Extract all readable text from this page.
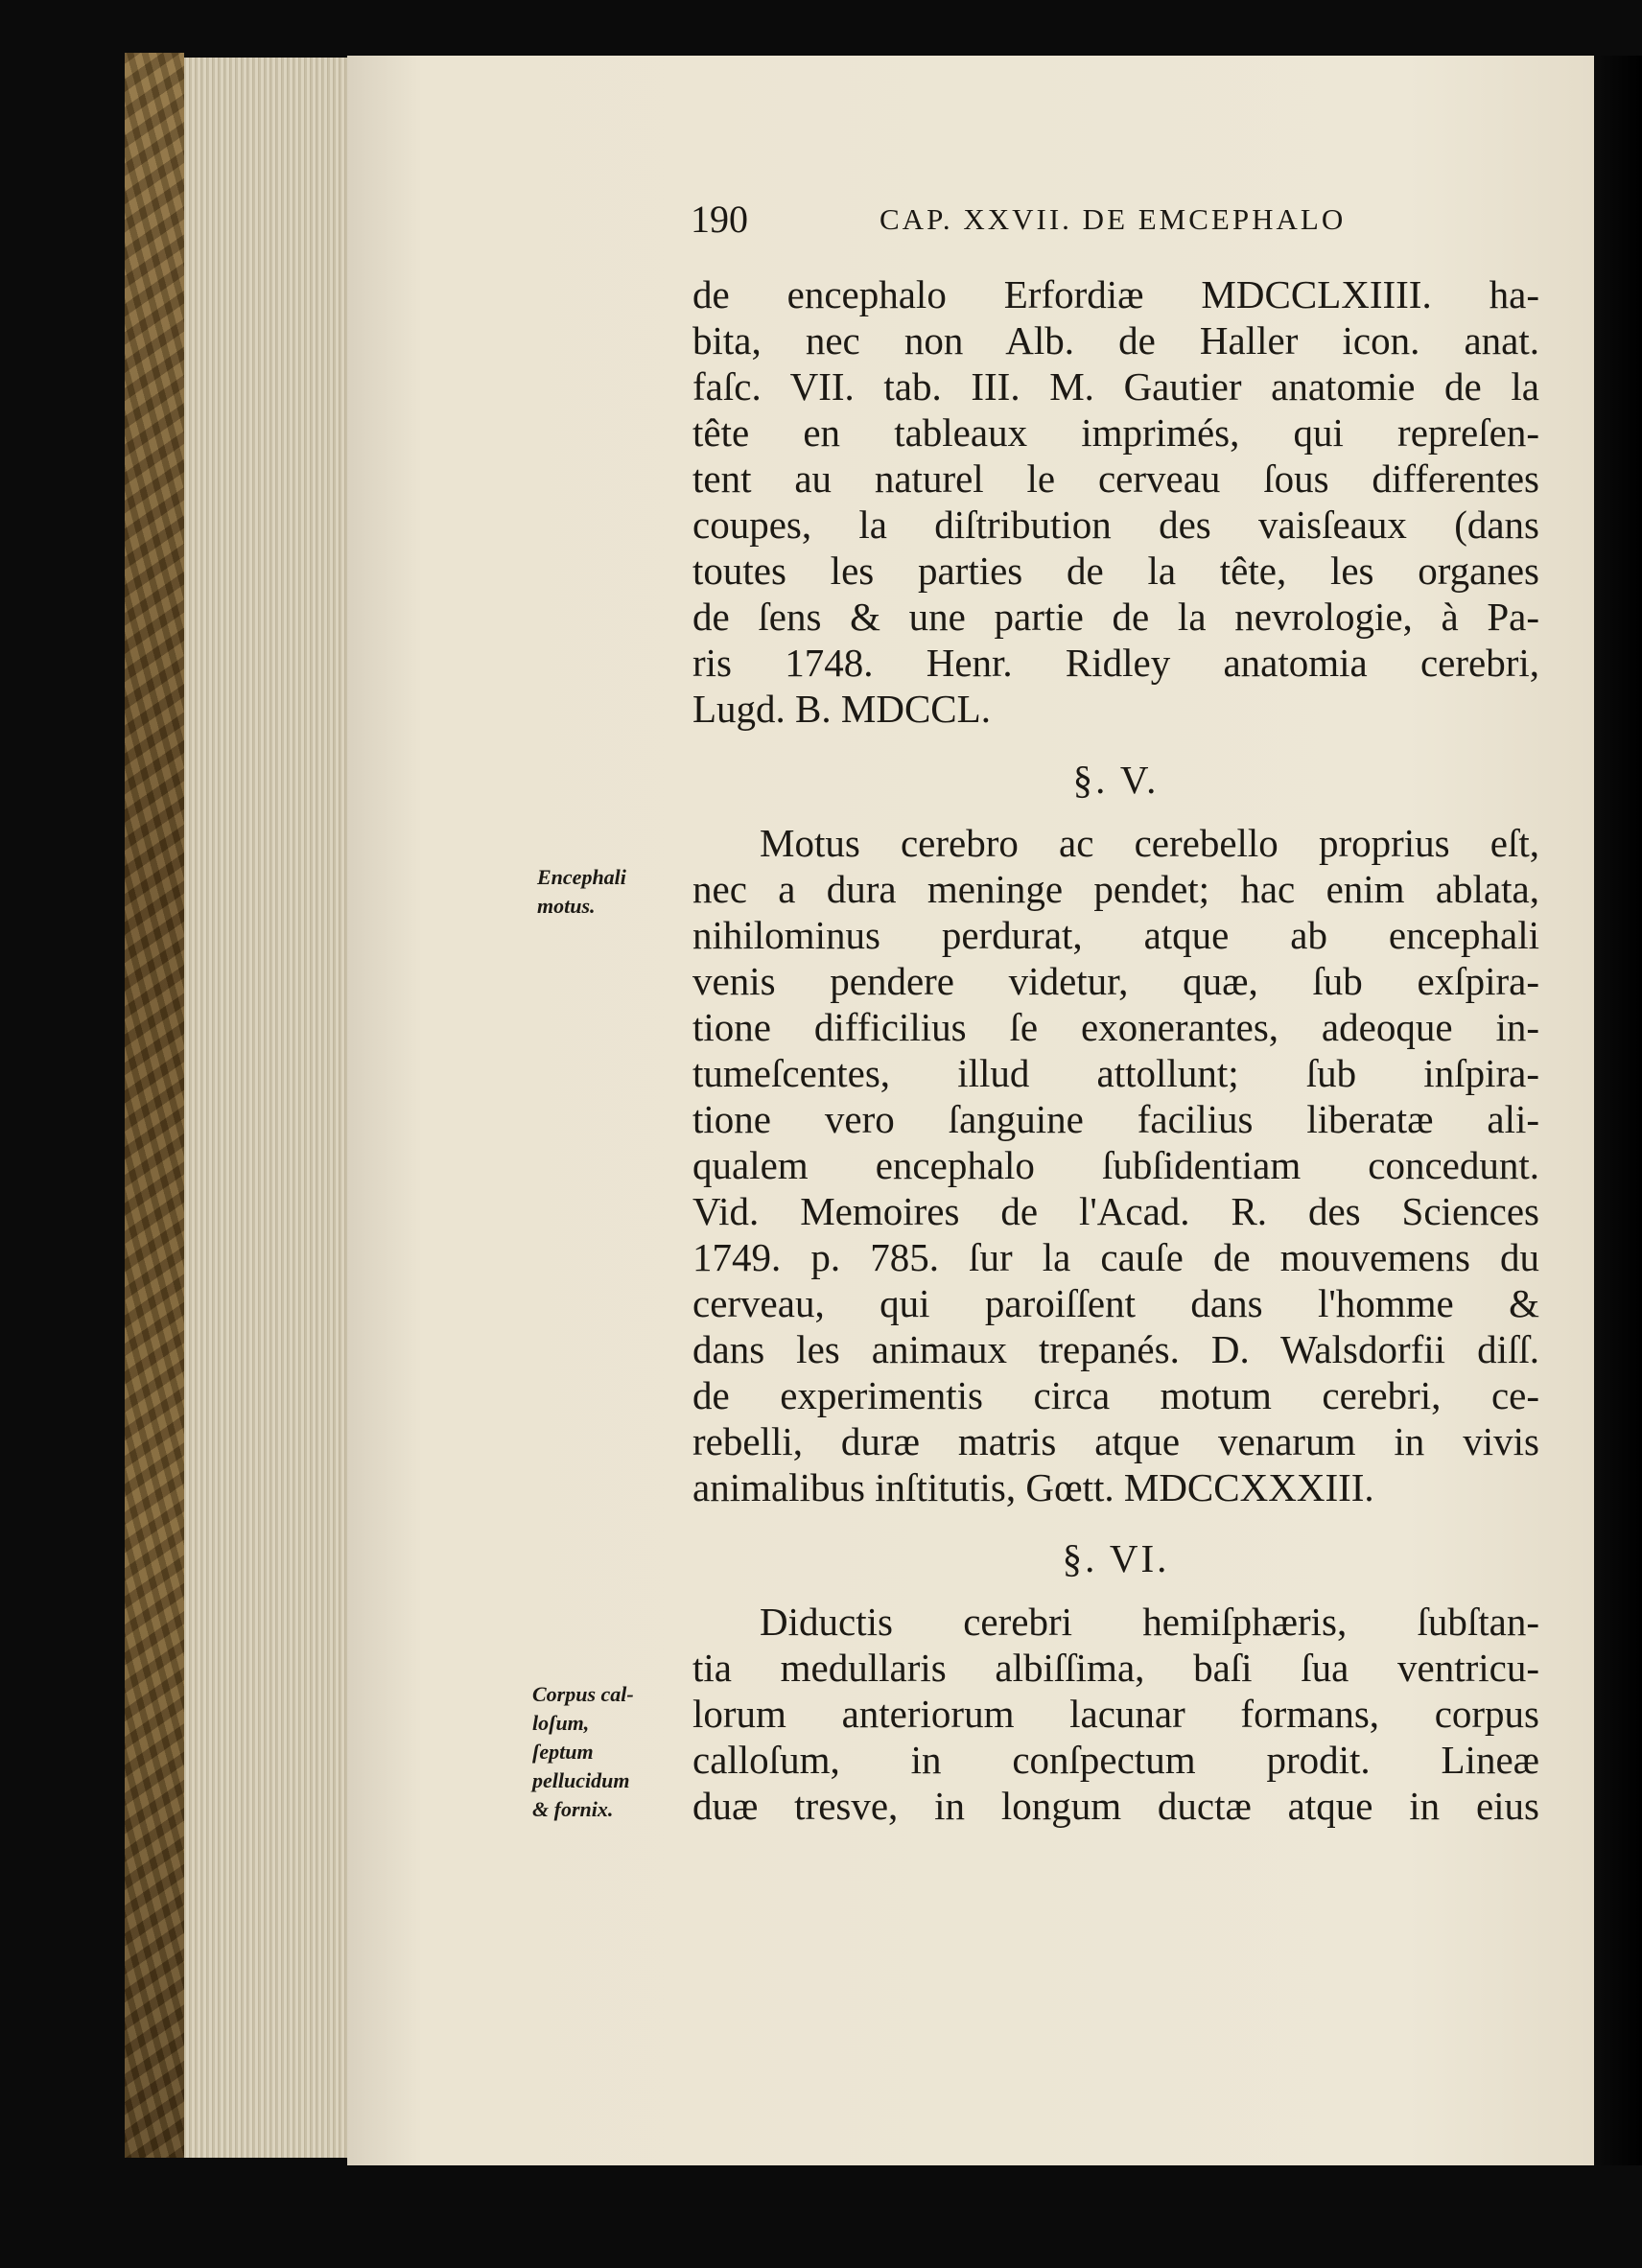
190	CAP. XXVII. DE EMCEPHALO
de encephalo Erfordiæ MDCCLXIIII. ha-
bita, nec non Alb. de Haller icon. anat.
faſc. VII. tab. III. M. Gautier anatomie de la
tête en tableaux imprimés, qui repreſen-
tent au naturel le cerveau ſous differentes
coupes, la diſtribution des vaisſeaux (dans
toutes les parties de la tête, les organes
de ſens & une partie de la nevrologie, à Pa-
ris 1748. Henr. Ridley anatomia cerebri,
Lugd. B. MDCCL.
§. V.
Motus cerebro ac cerebello proprius eſt,
nec a dura meninge pendet; hac enim ablata,
nihilominus perdurat, atque ab encephali
venis pendere videtur, quæ, ſub exſpira-
tione difficilius ſe exonerantes, adeoque in-
tumeſcentes, illud attollunt; ſub inſpira-
tione vero ſanguine facilius liberatæ ali-
qualem encephalo ſubſidentiam concedunt.
Vid. Memoires de l'Acad. R. des Sciences
1749. p. 785. ſur la cauſe de mouvemens du
cerveau, qui paroiſſent dans l'homme &
dans les animaux trepanés. D. Walsdorfii diſſ.
de experimentis circa motum cerebri, ce-
rebelli, duræ matris atque venarum in vivis
animalibus inſtitutis, Gœtt. MDCCXXXIII.
§. VI.
Diductis cerebri hemiſphæris, ſubſtan-
tia medullaris albiſſima, baſi ſua ventricu-
lorum anteriorum lacunar formans, corpus
calloſum, in conſpectum prodit. Lineæ
duæ tresve, in longum ductæ atque in eius
Encephali
motus.
Corpus cal-
loſum,
ſeptum
pellucidum
& fornix.
